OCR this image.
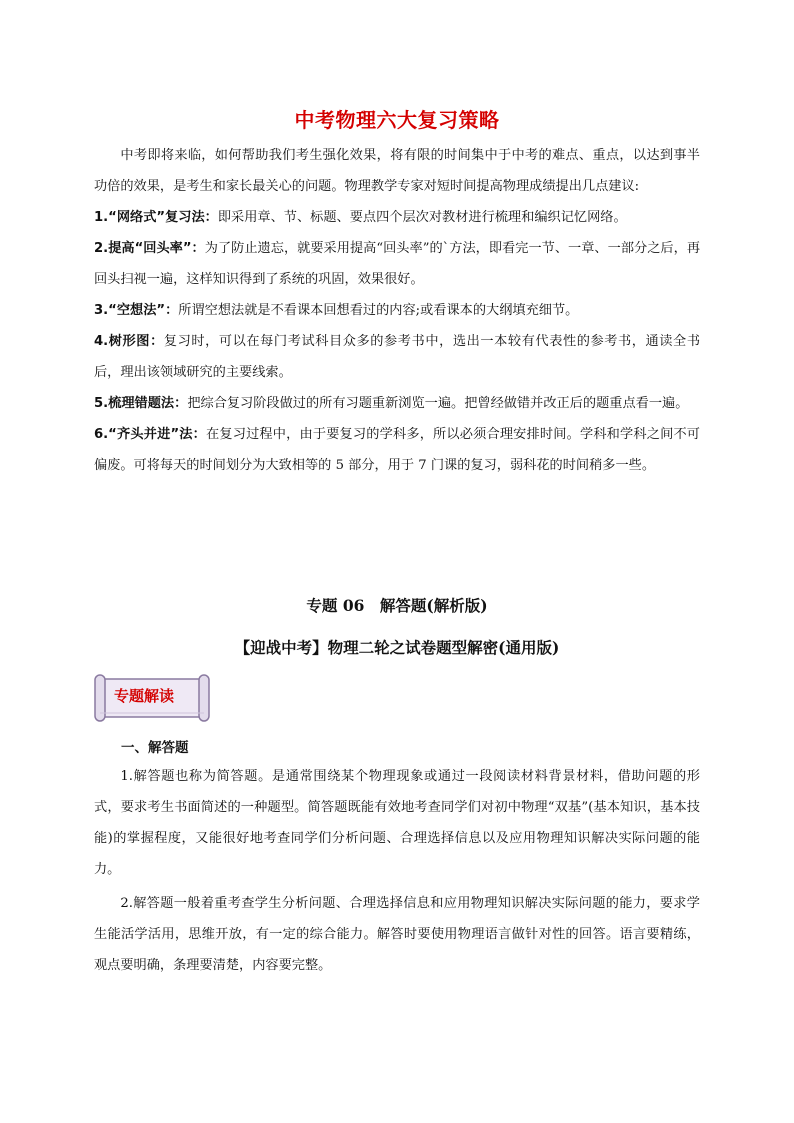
中考物理六大复习策略

中考即将来临，如何帮助我们考生强化效果，将有限的时间集中于中考的难点、重点，以达到事半功倍的效果，是考生和家长最关心的问题。物理教学专家对短时间提高物理成绩提出几点建议:

1.“网络式”复习法：即采用章、节、标题、要点四个层次对教材进行梳理和编织记忆网络。

2.提高“回头率”：为了防止遗忘，就要采用提高“回头率”的`方法，即看完一节、一章、一部分之后，再回头扫视一遍，这样知识得到了系统的巩固，效果很好。

3.“空想法”：所谓空想法就是不看课本回想看过的内容;或看课本的大纲填充细节。

4.树形图：复习时，可以在每门考试科目众多的参考书中，选出一本较有代表性的参考书，通读全书后，理出该领域研究的主要线索。

5.梳理错题法：把综合复习阶段做过的所有习题重新浏览一遍。把曾经做错并改正后的题重点看一遍。

6.“齐头并进”法：在复习过程中，由于要复习的学科多，所以必须合理安排时间。学科和学科之间不可偏废。可将每天的时间划分为大致相等的 5 部分，用于 7 门课的复习，弱科花的时间稍多一些。

专题 06　解答题(解析版)
【迎战中考】物理二轮之试卷题型解密(通用版)
专题解读
一、解答题

1.解答题也称为简答题。是通常围绕某个物理现象或通过一段阅读材料背景材料，借助问题的形式，要求考生书面简述的一种题型。简答题既能有效地考查同学们对初中物理“双基”(基本知识，基本技能)的掌握程度，又能很好地考查同学们分析问题、合理选择信息以及应用物理知识解决实际问题的能力。

2.解答题一般着重考查学生分析问题、合理选择信息和应用物理知识解决实际问题的能力，要求学生能活学活用，思维开放，有一定的综合能力。解答时要使用物理语言做针对性的回答。语言要精练，观点要明确，条理要清楚，内容要完整。
